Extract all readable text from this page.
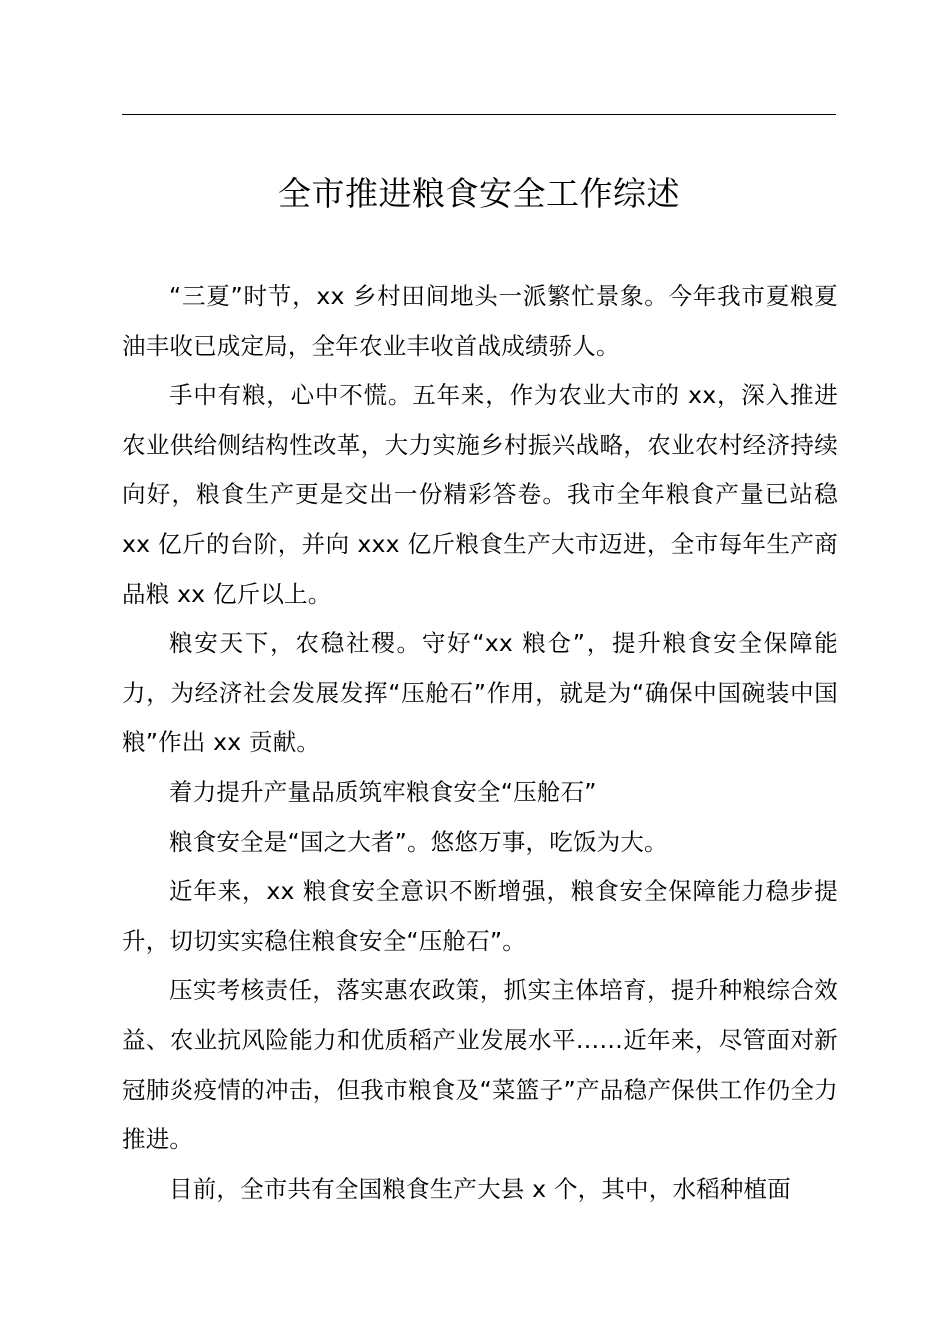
全市推进粮食安全工作综述

“三夏”时节，xx 乡村田间地头一派繁忙景象。今年我市夏粮夏油丰收已成定局，全年农业丰收首战成绩骄人。

手中有粮，心中不慌。五年来，作为农业大市的 xx，深入推进农业供给侧结构性改革，大力实施乡村振兴战略，农业农村经济持续向好，粮食生产更是交出一份精彩答卷。我市全年粮食产量已站稳 xx 亿斤的台阶，并向 xxx 亿斤粮食生产大市迈进，全市每年生产商品粮 xx 亿斤以上。

粮安天下，农稳社稷。守好“xx 粮仓”，提升粮食安全保障能力，为经济社会发展发挥“压舱石”作用，就是为“确保中国碗装中国粮”作出 xx 贡献。

着力提升产量品质筑牢粮食安全“压舱石”

粮食安全是“国之大者”。悠悠万事，吃饭为大。

近年来，xx 粮食安全意识不断增强，粮食安全保障能力稳步提升，切切实实稳住粮食安全“压舱石”。

压实考核责任，落实惠农政策，抓实主体培育，提升种粮综合效益、农业抗风险能力和优质稻产业发展水平……近年来，尽管面对新冠肺炎疫情的冲击，但我市粮食及“菜篮子”产品稳产保供工作仍全力推进。

目前，全市共有全国粮食生产大县 x 个，其中，水稻种植面
